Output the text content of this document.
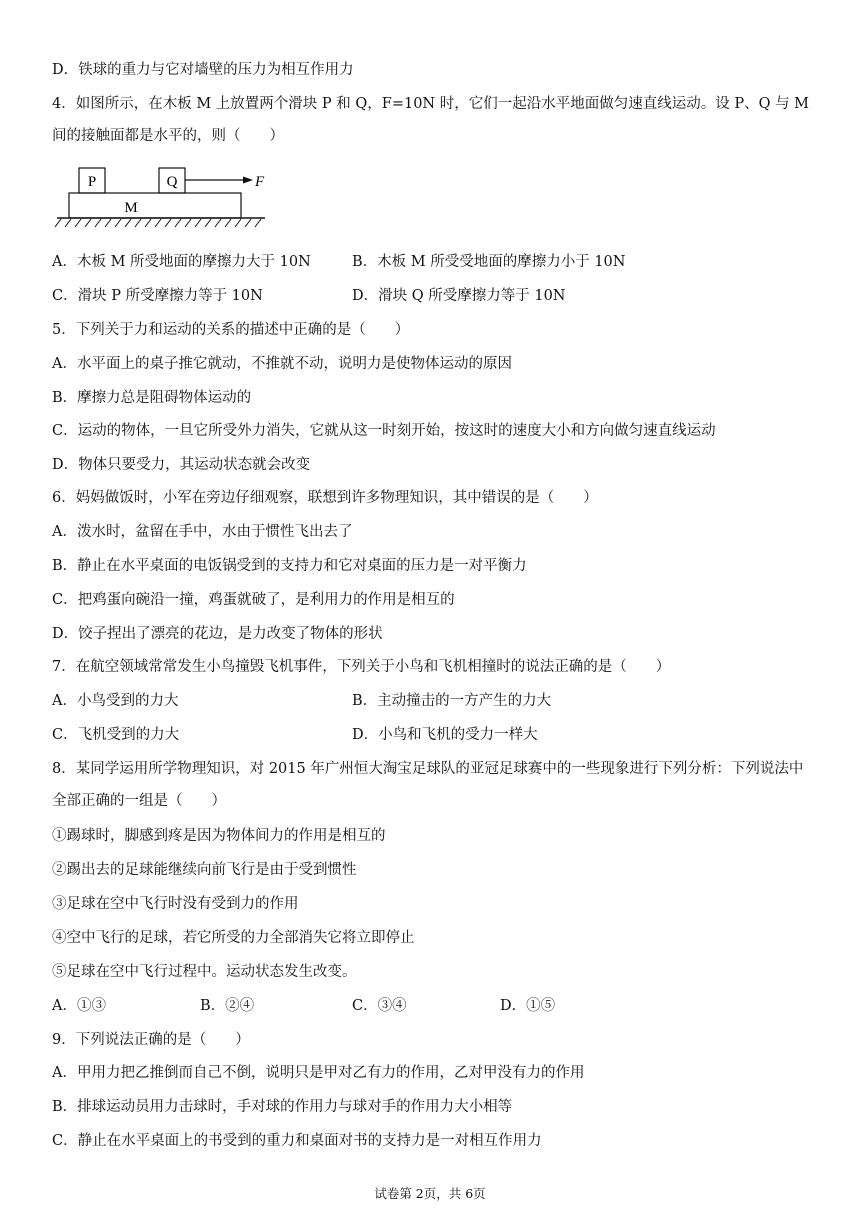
D．铁球的重力与它对墙壁的压力为相互作用力
4．如图所示，在木板 M 上放置两个滑块 P 和 Q，F=10N 时，它们一起沿水平地面做匀速直线运动。设 P、Q 与 M 间的接触面都是水平的，则（　　）
P	Q	F
M
A．木板 M 所受地面的摩擦力大于 10N	B．木板 M 所受受地面的摩擦力小于 10N
C．滑块 P 所受摩擦力等于 10N	D．滑块 Q 所受摩擦力等于 10N
5．下列关于力和运动的关系的描述中正确的是（　　）
A．水平面上的桌子推它就动，不推就不动，说明力是使物体运动的原因
B．摩擦力总是阻碍物体运动的
C．运动的物体，一旦它所受外力消失，它就从这一时刻开始，按这时的速度大小和方向做匀速直线运动
D．物体只要受力，其运动状态就会改变
6．妈妈做饭时，小军在旁边仔细观察，联想到许多物理知识，其中错误的是（　　）
A．泼水时，盆留在手中，水由于惯性飞出去了
B．静止在水平桌面的电饭锅受到的支持力和它对桌面的压力是一对平衡力
C．把鸡蛋向碗沿一撞，鸡蛋就破了，是利用力的作用是相互的
D．饺子捏出了漂亮的花边，是力改变了物体的形状
7．在航空领域常常发生小鸟撞毁飞机事件，下列关于小鸟和飞机相撞时的说法正确的是（　　）
A．小鸟受到的力大	B．主动撞击的一方产生的力大
C．飞机受到的力大	D．小鸟和飞机的受力一样大
8．某同学运用所学物理知识，对 2015 年广州恒大淘宝足球队的亚冠足球赛中的一些现象进行下列分析：下列说法中全部正确的一组是（　　）
①踢球时，脚感到疼是因为物体间力的作用是相互的
②踢出去的足球能继续向前飞行是由于受到惯性
③足球在空中飞行时没有受到力的作用
④空中飞行的足球，若它所受的力全部消失它将立即停止
⑤足球在空中飞行过程中。运动状态发生改变。
A．①③	B．②④	C．③④	D．①⑤
9．下列说法正确的是（　　）
A．甲用力把乙推倒而自己不倒，说明只是甲对乙有力的作用，乙对甲没有力的作用
B．排球运动员用力击球时，手对球的作用力与球对手的作用力大小相等
C．静止在水平桌面上的书受到的重力和桌面对书的支持力是一对相互作用力
试卷第 2页，共 6页
